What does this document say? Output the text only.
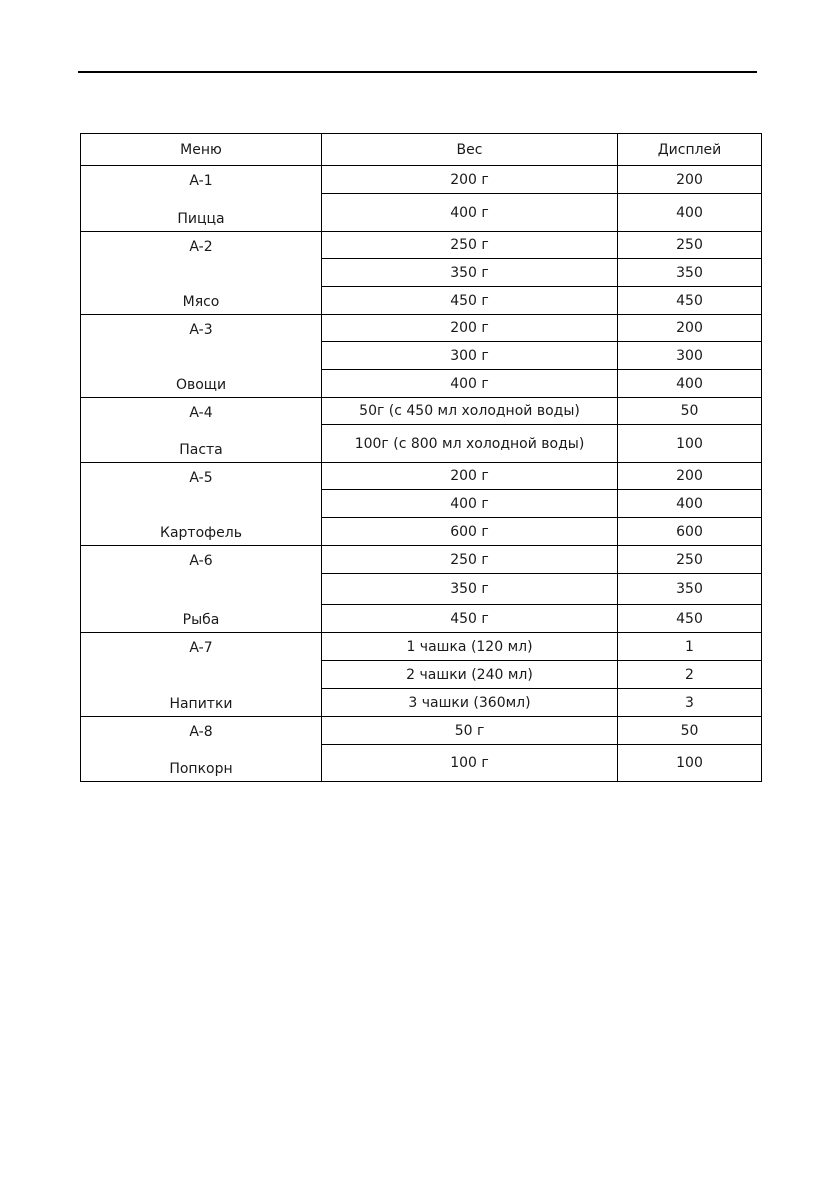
Меню	Вес	Дисплей

A-1
Пицца	200 г	200
	400 г	400

A-2
Мясо	250 г	250
	350 г	350
	450 г	450

A-3
Овощи	200 г	200
	300 г	300
	400 г	400

A-4
Паста	50г (с 450 мл холодной воды)	50
	100г (с 800 мл холодной воды)	100

A-5
Картофель	200 г	200
	400 г	400
	600 г	600

A-6
Рыба	250 г	250
	350 г	350
	450 г	450

A-7
Напитки	1 чашка (120 мл)	1
	2 чашки (240 мл)	2
	3 чашки (360мл)	3

A-8
Попкорн	50 г	50
	100 г	100
